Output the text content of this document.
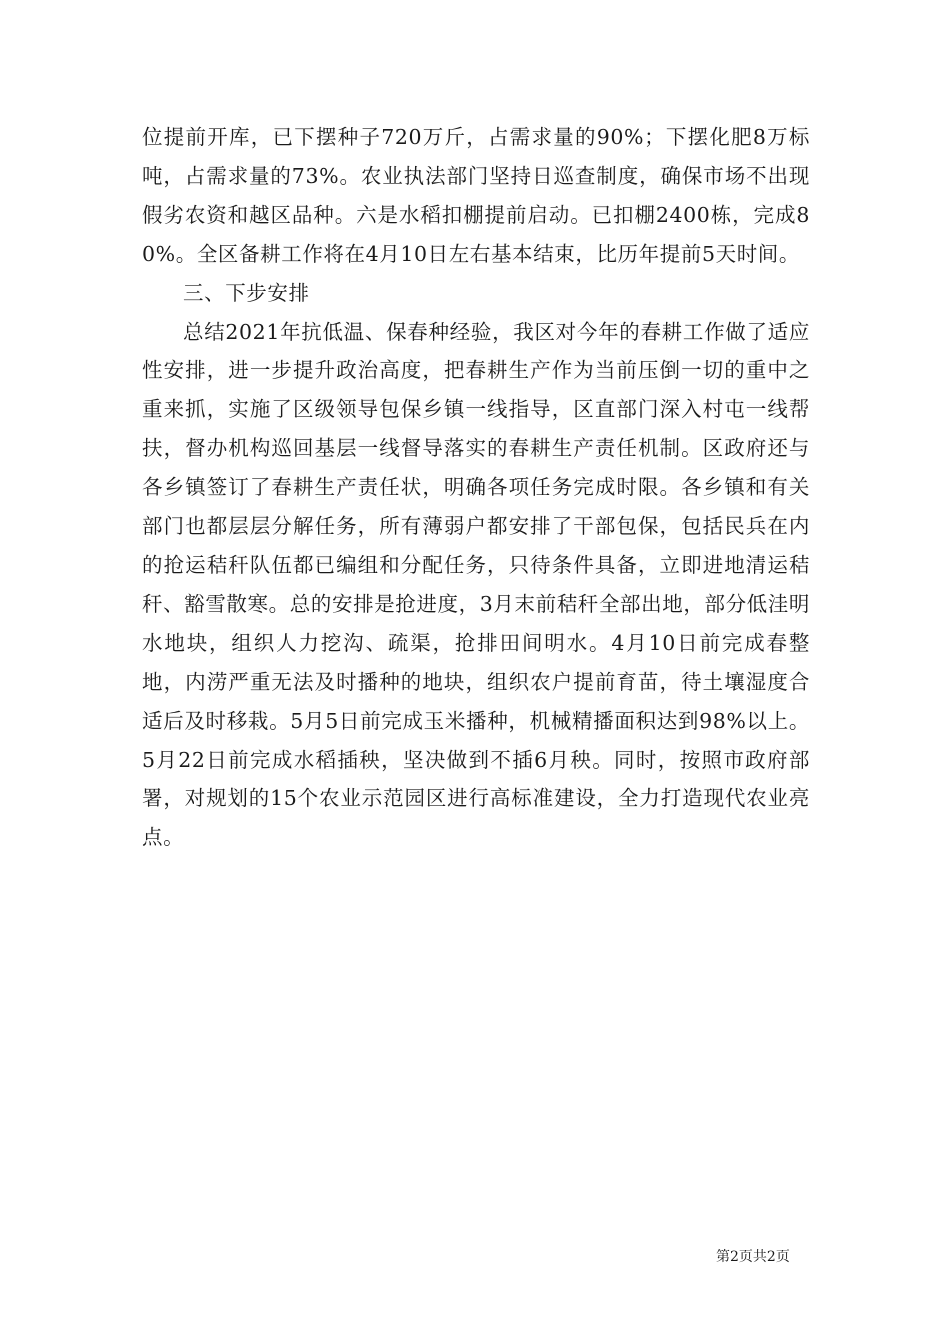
位提前开库，已下摆种子720万斤，占需求量的90%；下摆化肥8万标吨，占需求量的73%。农业执法部门坚持日巡查制度，确保市场不出现假劣农资和越区品种。六是水稻扣棚提前启动。已扣棚2400栋，完成80%。全区备耕工作将在4月10日左右基本结束，比历年提前5天时间。

三、下步安排

总结2021年抗低温、保春种经验，我区对今年的春耕工作做了适应性安排，进一步提升政治高度，把春耕生产作为当前压倒一切的重中之重来抓，实施了区级领导包保乡镇一线指导，区直部门深入村屯一线帮扶，督办机构巡回基层一线督导落实的春耕生产责任机制。区政府还与各乡镇签订了春耕生产责任状，明确各项任务完成时限。各乡镇和有关部门也都层层分解任务，所有薄弱户都安排了干部包保，包括民兵在内的抢运秸秆队伍都已编组和分配任务，只待条件具备，立即进地清运秸秆、豁雪散寒。总的安排是抢进度，3月末前秸秆全部出地，部分低洼明水地块，组织人力挖沟、疏渠，抢排田间明水。4月10日前完成春整地，内涝严重无法及时播种的地块，组织农户提前育苗，待土壤湿度合适后及时移栽。5月5日前完成玉米播种，机械精播面积达到98%以上。5月22日前完成水稻插秧，坚决做到不插6月秧。同时，按照市政府部署，对规划的15个农业示范园区进行高标准建设，全力打造现代农业亮点。

第2页共2页
